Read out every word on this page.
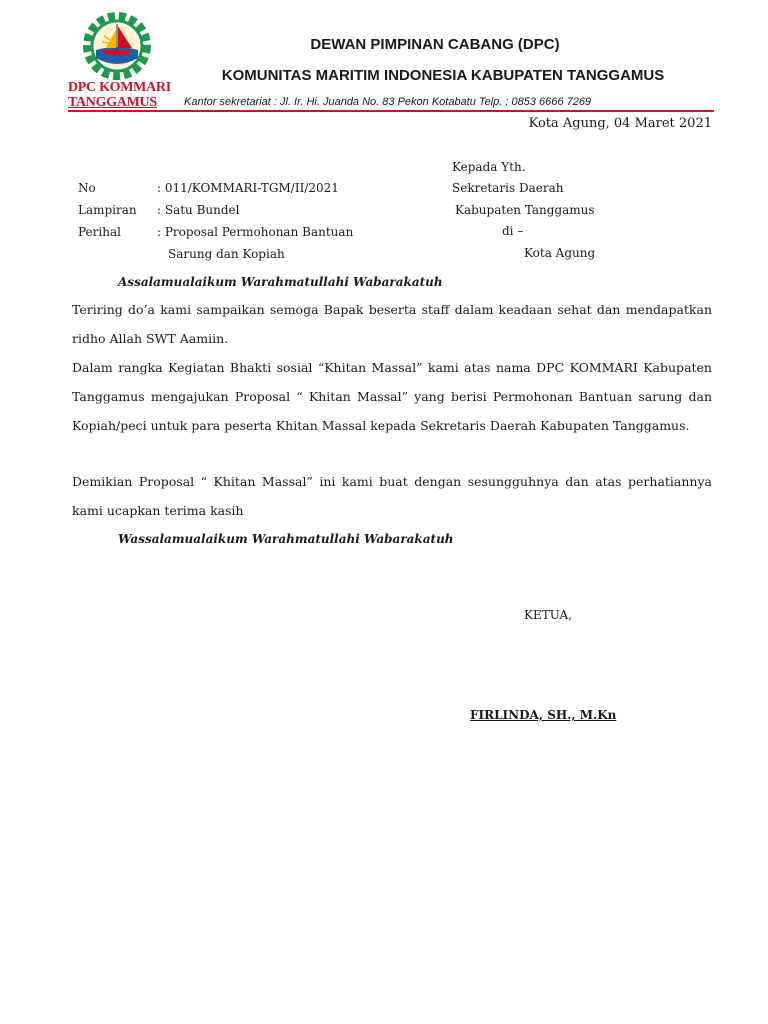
DPC KOMMARI
TANGGAMUS
DEWAN PIMPINAN CABANG (DPC)
KOMUNITAS MARITIM INDONESIA KABUPATEN TANGGAMUS
Kantor sekretariat : Jl. Ir. Hi. Juanda No. 83 Pekon Kotabatu Telp. : 0853 6666 7269
Kota Agung, 04 Maret 2021
No
Lampiran
Perihal
: 011/KOMMARI-TGM/II/2021
: Satu Bundel
: Proposal Permohonan Bantuan
Sarung dan Kopiah
Kepada Yth.
Sekretaris Daerah
Kabupaten Tanggamus
di –
Kota Agung
Assalamualaikum Warahmatullahi Wabarakatuh
Teriring do’a kami sampaikan semoga Bapak beserta staff dalam keadaan sehat dan mendapatkan ridho Allah SWT Aamiin.
Dalam rangka Kegiatan Bhakti sosial “Khitan Massal” kami atas nama DPC KOMMARI Kabupaten Tanggamus mengajukan Proposal “ Khitan Massal” yang berisi Permohonan Bantuan sarung dan Kopiah/peci untuk para peserta Khitan Massal kepada Sekretaris Daerah Kabupaten Tanggamus.
Demikian Proposal “ Khitan Massal” ini kami buat dengan sesungguhnya dan atas perhatiannya kami ucapkan terima kasih
Wassalamualaikum Warahmatullahi Wabarakatuh
KETUA,
FIRLINDA, SH., M.Kn
